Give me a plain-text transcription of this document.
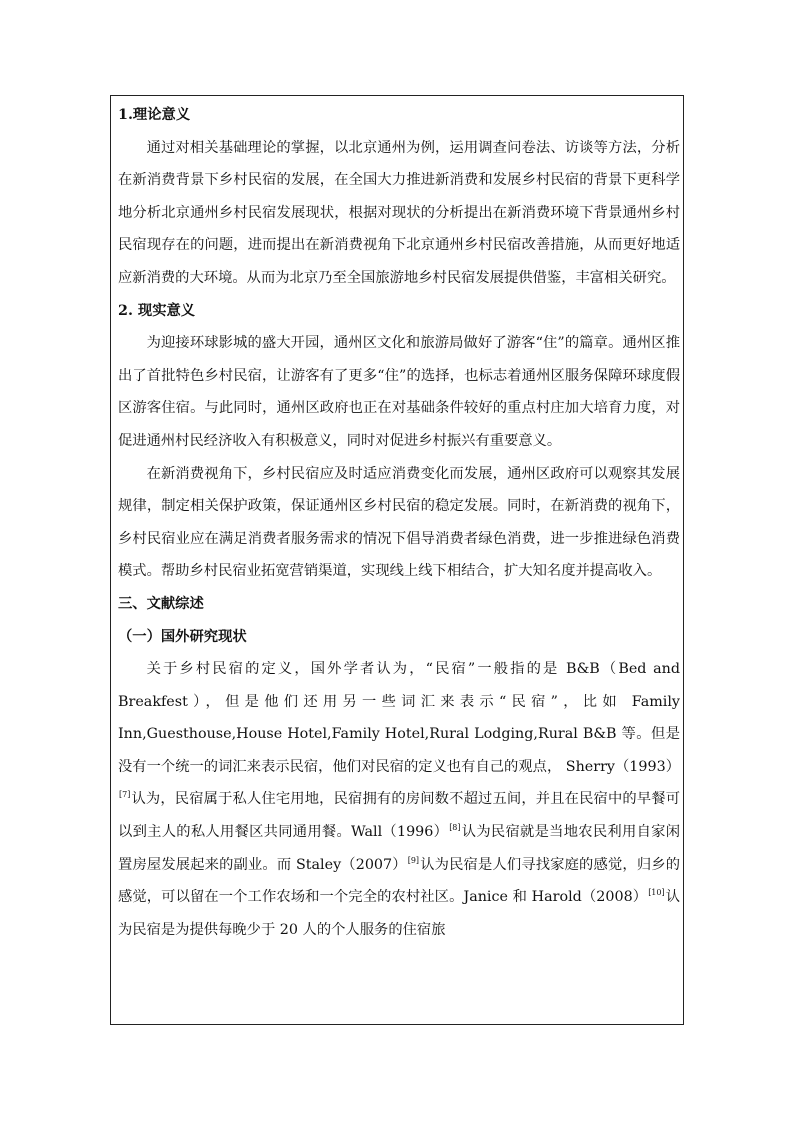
1.理论意义

通过对相关基础理论的掌握，以北京通州为例，运用调查问卷法、访谈等方法，分析在新消费背景下乡村民宿的发展，在全国大力推进新消费和发展乡村民宿的背景下更科学地分析北京通州乡村民宿发展现状，根据对现状的分析提出在新消费环境下背景通州乡村民宿现存在的问题，进而提出在新消费视角下北京通州乡村民宿改善措施，从而更好地适应新消费的大环境。从而为北京乃至全国旅游地乡村民宿发展提供借鉴，丰富相关研究。

2. 现实意义

为迎接环球影城的盛大开园，通州区文化和旅游局做好了游客“住”的篇章。通州区推出了首批特色乡村民宿，让游客有了更多“住”的选择，也标志着通州区服务保障环球度假区游客住宿。与此同时，通州区政府也正在对基础条件较好的重点村庄加大培育力度，对促进通州村民经济收入有积极意义，同时对促进乡村振兴有重要意义。

在新消费视角下，乡村民宿应及时适应消费变化而发展，通州区政府可以观察其发展规律，制定相关保护政策，保证通州区乡村民宿的稳定发展。同时，在新消费的视角下，乡村民宿业应在满足消费者服务需求的情况下倡导消费者绿色消费，进一步推进绿色消费模式。帮助乡村民宿业拓宽营销渠道，实现线上线下相结合，扩大知名度并提高收入。

三、文献综述

（一）国外研究现状

关于乡村民宿的定义，国外学者认为，“民宿”一般指的是 B&B（Bed and Breakfest），但是他们还用另一些词汇来表示“民宿”，比如 Family Inn,Guesthouse,House Hotel,Family Hotel,Rural Lodging,Rural B&B 等。但是没有一个统一的词汇来表示民宿，他们对民宿的定义也有自己的观点， Sherry（1993）[7]认为，民宿属于私人住宅用地，民宿拥有的房间数不超过五间，并且在民宿中的早餐可以到主人的私人用餐区共同通用餐。Wall（1996）[8]认为民宿就是当地农民利用自家闲置房屋发展起来的副业。而 Staley（2007）[9]认为民宿是人们寻找家庭的感觉，归乡的感觉，可以留在一个工作农场和一个完全的农村社区。Janice 和 Harold（2008）[10]认为民宿是为提供每晚少于 20 人的个人服务的住宿旅
